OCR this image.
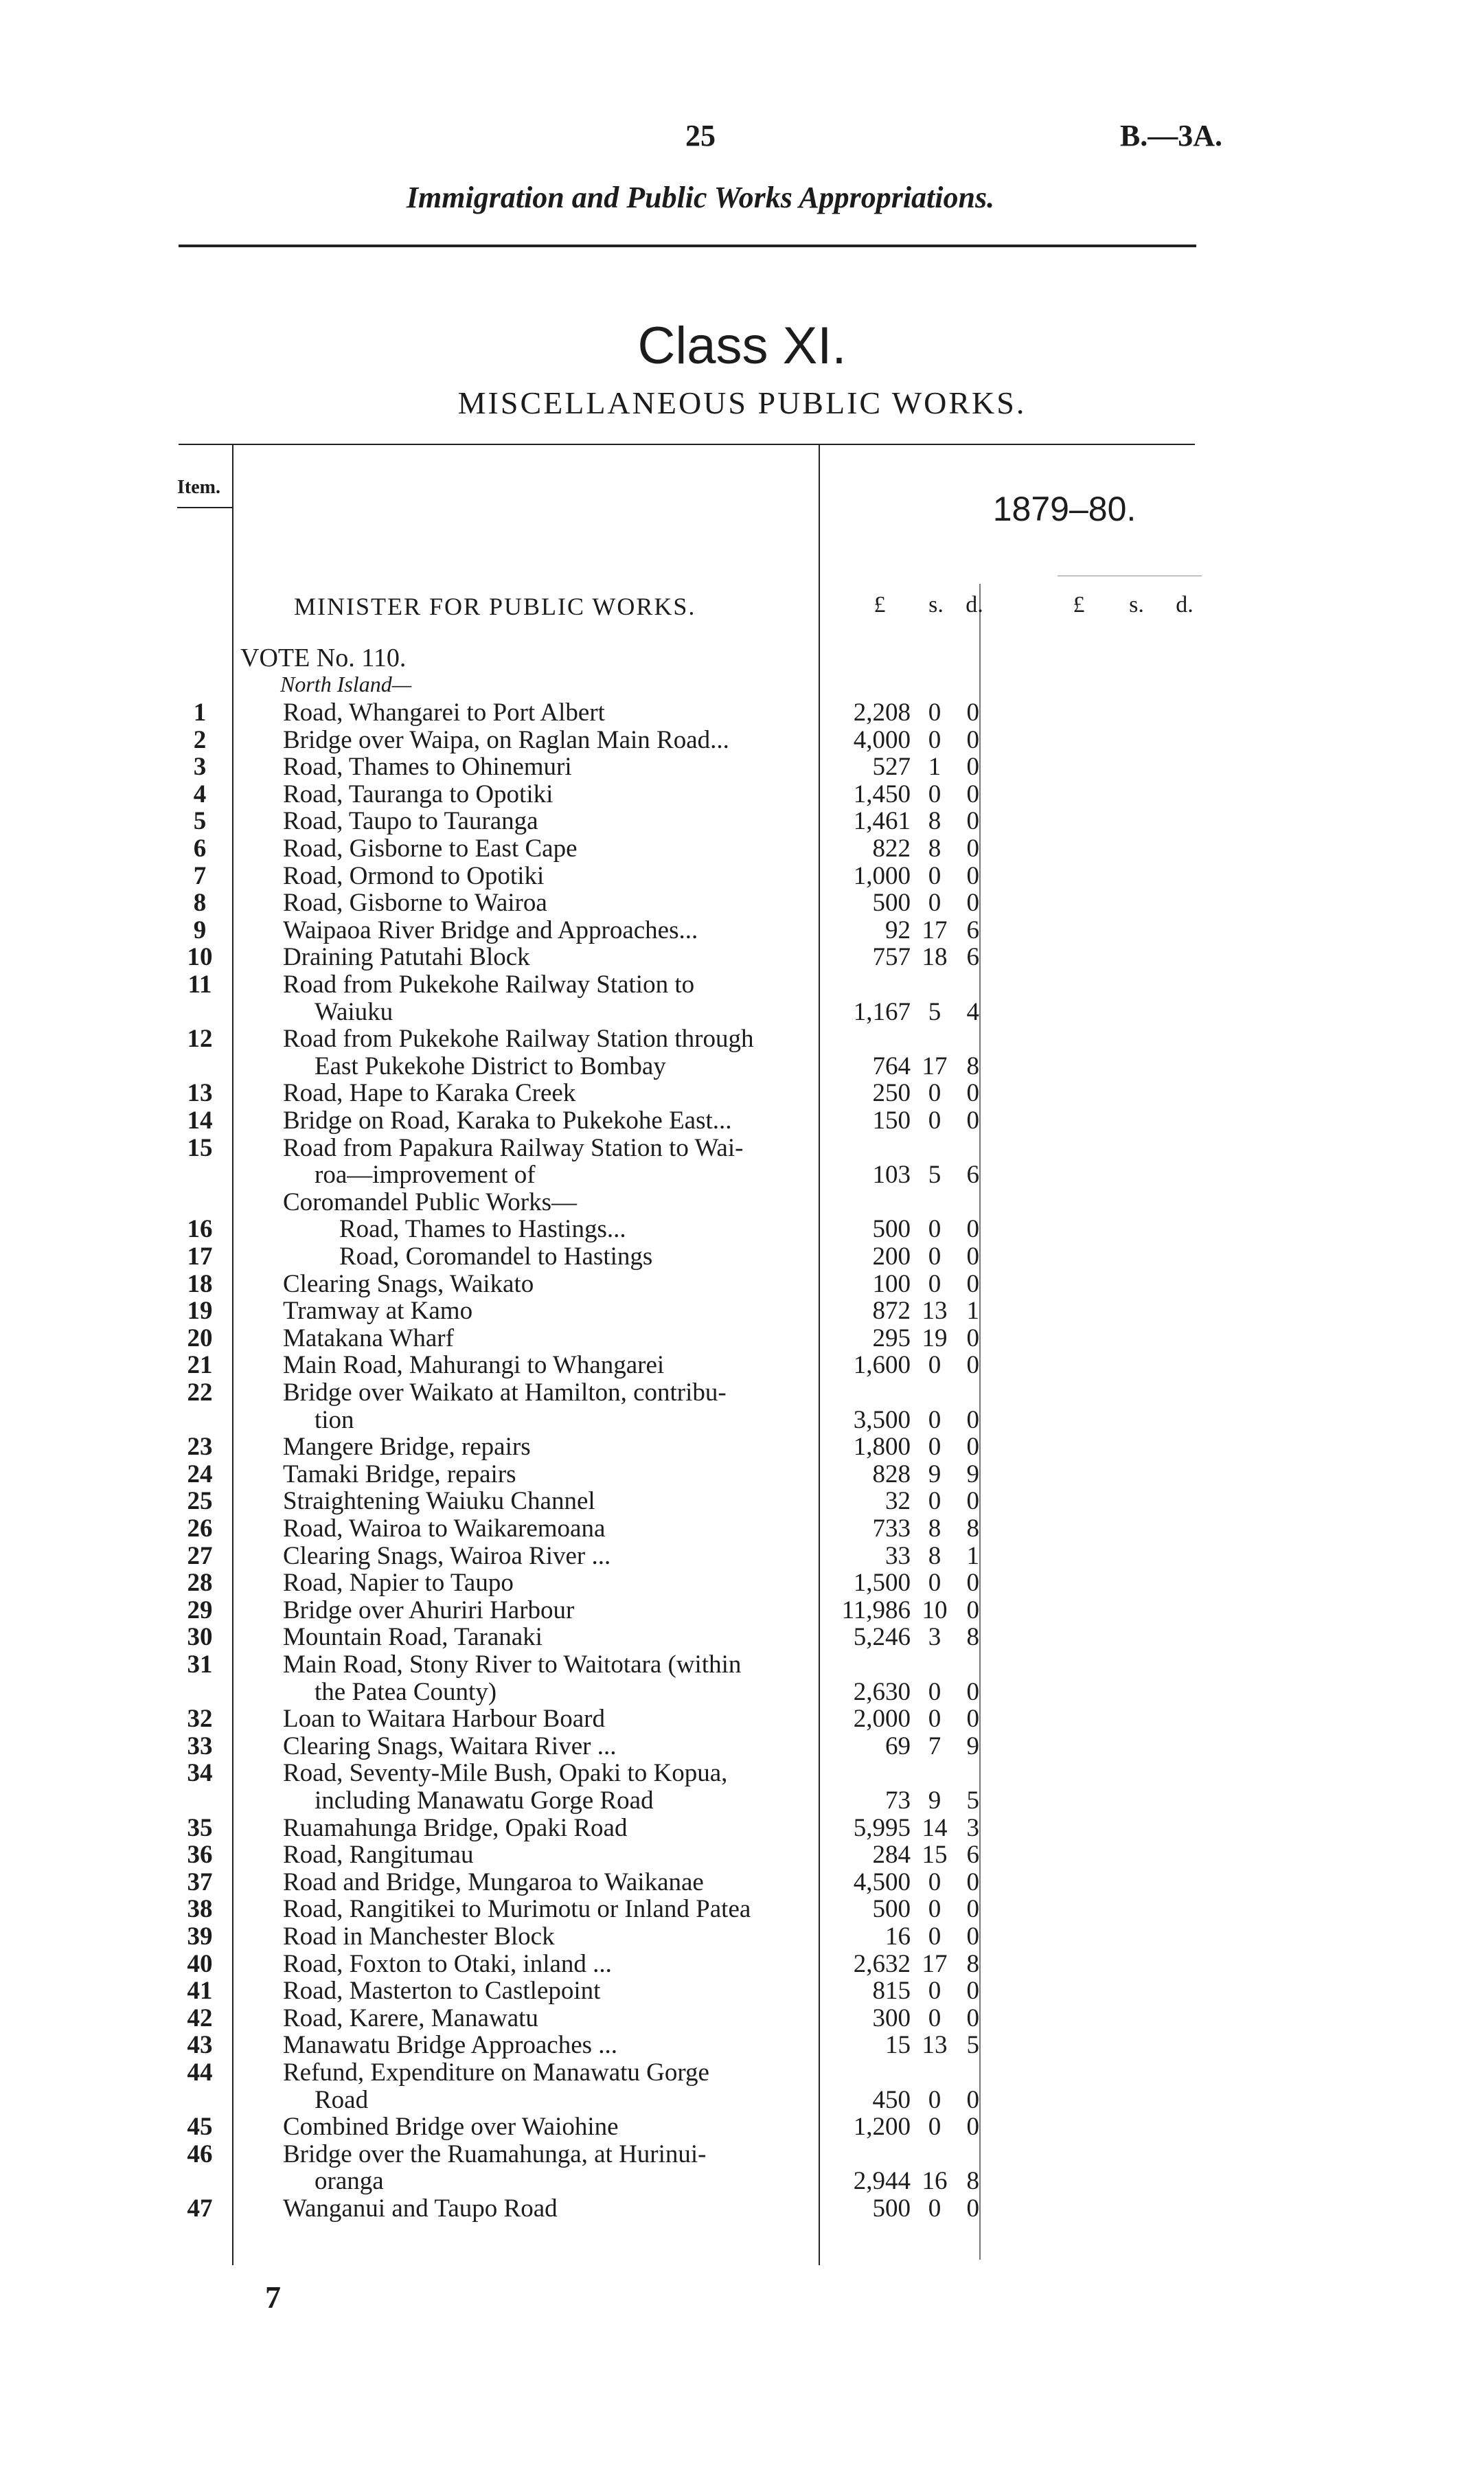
25	B.—3A.
Immigration and Public Works Appropriations.
Class XI.
MISCELLANEOUS PUBLIC WORKS.
Item.
1879–80.
MINISTER FOR PUBLIC WORKS.	£	s. d.	£	s.	d.
VOTE No. 110.
North Island—
1	Road, Whangarei to Port Albert	2,208 0	0
2	Bridge over Waipa, on Raglan Main Road...	4,000 0	0
3	Road, Thames to Ohinemuri	527 1	0
4	Road, Tauranga to Opotiki	1,450 0	0
5	Road, Taupo to Tauranga	1,461 8	0
6	Road, Gisborne to East Cape	822 8	0
7	Road, Ormond to Opotiki	1,000 0	0
8	Road, Gisborne to Wairoa	500 0	0
9	Waipaoa River Bridge and Approaches...	92 17 6
10	Draining Patutahi Block	757 18 6
11	Road from Pukekohe Railway Station to
Waiuku	1,167 5	4
12	Road from Pukekohe Railway Station through
East Pukekohe District to Bombay	764 17 8
13	Road, Hape to Karaka Creek	250 0	0
14	Bridge on Road, Karaka to Pukekohe East...	150 0	0
15	Road from Papakura Railway Station to Wai-
roa—improvement of	103 5	6
Coromandel Public Works—
16	Road, Thames to Hastings...	500 0	0
17	Road, Coromandel to Hastings	200 0	0
18	Clearing Snags, Waikato	100 0	0
19	Tramway at Kamo	872 13 1
20	Matakana Wharf	295 19 0
21	Main Road, Mahurangi to Whangarei	1,600 0	0
22	Bridge over Waikato at Hamilton, contribu-
tion	3,500 0	0
23	Mangere Bridge, repairs	1,800 0	0
24	Tamaki Bridge, repairs	828 9	9
25	Straightening Waiuku Channel	32 0	0
26	Road, Wairoa to Waikaremoana	733 8	8
27	Clearing Snags, Wairoa River ...	33 8	1
28	Road, Napier to Taupo	1,500 0	0
29	Bridge over Ahuriri Harbour	11,986 10 0
30	Mountain Road, Taranaki	5,246 3	8
31	Main Road, Stony River to Waitotara (within
the Patea County)	2,630 0	0
32	Loan to Waitara Harbour Board	2,000 0	0
33	Clearing Snags, Waitara River ...	69 7	9
34	Road, Seventy-Mile Bush, Opaki to Kopua,
including Manawatu Gorge Road	73 9	5
35	Ruamahunga Bridge, Opaki Road	5,995 14 3
36	Road, Rangitumau	284 15 6
37	Road and Bridge, Mungaroa to Waikanae	4,500 0	0
38	Road, Rangitikei to Murimotu or Inland Patea	500 0	0
39	Road in Manchester Block	16 0	0
40	Road, Foxton to Otaki, inland ...	2,632 17 8
41	Road, Masterton to Castlepoint	815 0	0
42	Road, Karere, Manawatu	300 0	0
43	Manawatu Bridge Approaches ...	15 13 5
44	Refund, Expenditure on Manawatu Gorge
Road	450 0	0
45	Combined Bridge over Waiohine	1,200 0	0
46	Bridge over the Ruamahunga, at Hurinui-
oranga	2,944 16 8
47	Wanganui and Taupo Road	500 0	0
7
